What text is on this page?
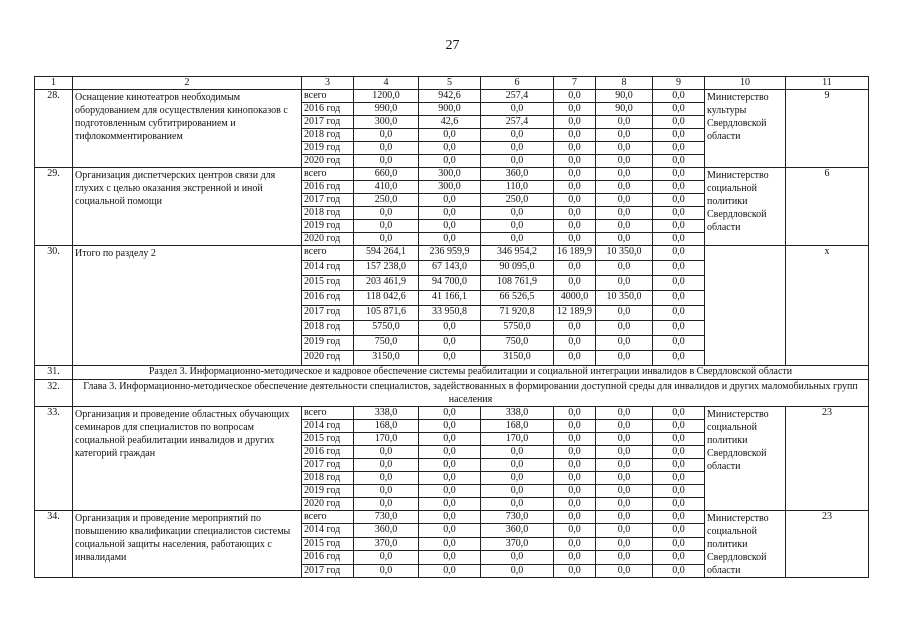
27
1	2	3	4	5	6	7	8	9	10	11
28.	Оснащение кинотеатров необходимым оборудованием для осуществления кинопоказов с подготовленным субтитрированием и тифлокомментированием	всего	1200,0	942,6	257,4	0,0	90,0	0,0	Министерство культуры Свердловской области	9
		2016 год	990,0	900,0	0,0	0,0	90,0	0,0		
		2017 год	300,0	42,6	257,4	0,0	0,0	0,0		
		2018 год	0,0	0,0	0,0	0,0	0,0	0,0		
		2019 год	0,0	0,0	0,0	0,0	0,0	0,0		
		2020 год	0,0	0,0	0,0	0,0	0,0	0,0		
29.	Организация диспетчерских центров связи для глухих с целью оказания экстренной и иной социальной помощи	всего	660,0	300,0	360,0	0,0	0,0	0,0	Министерство социальной политики Свердловской области	6
		2016 год	410,0	300,0	110,0	0,0	0,0	0,0		
		2017 год	250,0	0,0	250,0	0,0	0,0	0,0		
		2018 год	0,0	0,0	0,0	0,0	0,0	0,0		
		2019 год	0,0	0,0	0,0	0,0	0,0	0,0		
		2020 год	0,0	0,0	0,0	0,0	0,0	0,0		
30.	Итого по разделу 2	всего	594 264,1	236 959,9	346 954,2	16 189,9	10 350,0	0,0		x
		2014 год	157 238,0	67 143,0	90 095,0	0,0	0,0	0,0		
		2015 год	203 461,9	94 700,0	108 761,9	0,0	0,0	0,0		
		2016 год	118 042,6	41 166,1	66 526,5	4000,0	10 350,0	0,0		
		2017 год	105 871,6	33 950,8	71 920,8	12 189,9	0,0	0,0		
		2018 год	5750,0	0,0	5750,0	0,0	0,0	0,0		
		2019 год	750,0	0,0	750,0	0,0	0,0	0,0		
		2020 год	3150,0	0,0	3150,0	0,0	0,0	0,0		
31.	Раздел 3. Информационно-методическое и кадровое обеспечение системы реабилитации и социальной интеграции инвалидов в Свердловской области									
32.	Глава 3. Информационно-методическое обеспечение деятельности специалистов, задействованных в формировании доступной среды для инвалидов и других маломобильных групп населения									
33.	Организация и проведение областных обучающих семинаров для специалистов по вопросам социальной реабилитации инвалидов и других категорий граждан	всего	338,0	0,0	338,0	0,0	0,0	0,0	Министерство социальной политики Свердловской области	23
		2014 год	168,0	0,0	168,0	0,0	0,0	0,0		
		2015 год	170,0	0,0	170,0	0,0	0,0	0,0		
		2016 год	0,0	0,0	0,0	0,0	0,0	0,0		
		2017 год	0,0	0,0	0,0	0,0	0,0	0,0		
		2018 год	0,0	0,0	0,0	0,0	0,0	0,0		
		2019 год	0,0	0,0	0,0	0,0	0,0	0,0		
		2020 год	0,0	0,0	0,0	0,0	0,0	0,0		
34.	Организация и проведение мероприятий по повышению квалификации специалистов системы социальной защиты населения, работающих с инвалидами	всего	730,0	0,0	730,0	0,0	0,0	0,0	Министерство социальной политики Свердловской области	23
		2014 год	360,0	0,0	360,0	0,0	0,0	0,0		
		2015 год	370,0	0,0	370,0	0,0	0,0	0,0		
		2016 год	0,0	0,0	0,0	0,0	0,0	0,0		
		2017 год	0,0	0,0	0,0	0,0	0,0	0,0		
